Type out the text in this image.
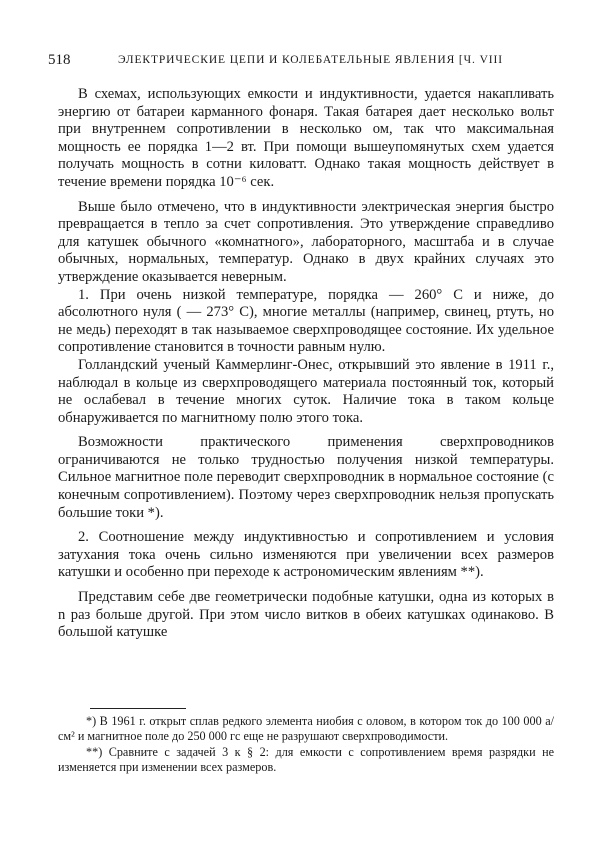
518	ЭЛЕКТРИЧЕСКИЕ ЦЕПИ И КОЛЕБАТЕЛЬНЫЕ ЯВЛЕНИЯ [Ч. VIII

В схемах, использующих емкости и индуктивности, удается накапливать энергию от батареи карманного фонаря. Такая батарея дает несколько вольт при внутреннем сопротивлении в несколько ом, так что максимальная мощность ее порядка 1—2 вт. При помощи вышеупомянутых схем удается получать мощность в сотни киловатт. Однако такая мощность действует в течение времени порядка 10⁻⁶ сек.

Выше было отмечено, что в индуктивности электрическая энергия быстро превращается в тепло за счет сопротивления. Это утверждение справедливо для катушек обычного «комнатного», лабораторного, масштаба и в случае обычных, нормальных, температур. Однако в двух крайних случаях это утверждение оказывается неверным.

1. При очень низкой температуре, порядка — 260° С и ниже, до абсолютного нуля ( — 273° С), многие металлы (например, свинец, ртуть, но не медь) переходят в так называемое сверхпроводящее состояние. Их удельное сопротивление становится в точности равным нулю.

Голландский ученый Каммерлинг-Онес, открывший это явление в 1911 г., наблюдал в кольце из сверхпроводящего материала постоянный ток, который не ослабевал в течение многих суток. Наличие тока в таком кольце обнаруживается по магнитному полю этого тока.

Возможности практического применения сверхпроводников ограничиваются не только трудностью получения низкой температуры. Сильное магнитное поле переводит сверхпроводник в нормальное состояние (с конечным сопротивлением). Поэтому через сверхпроводник нельзя пропускать большие токи *).

2. Соотношение между индуктивностью и сопротивлением и условия затухания тока очень сильно изменяются при увеличении всех размеров катушки и особенно при переходе к астрономическим явлениям **).

Представим себе две геометрически подобные катушки, одна из которых в n раз больше другой. При этом число витков в обеих катушках одинаково. В большой катушке

*) В 1961 г. открыт сплав редкого элемента ниобия с оловом, в котором ток до 100 000 а/см² и магнитное поле до 250 000 гс еще не разрушают сверхпроводимости.

**) Сравните с задачей 3 к § 2: для емкости с сопротивлением время разрядки не изменяется при изменении всех размеров.
